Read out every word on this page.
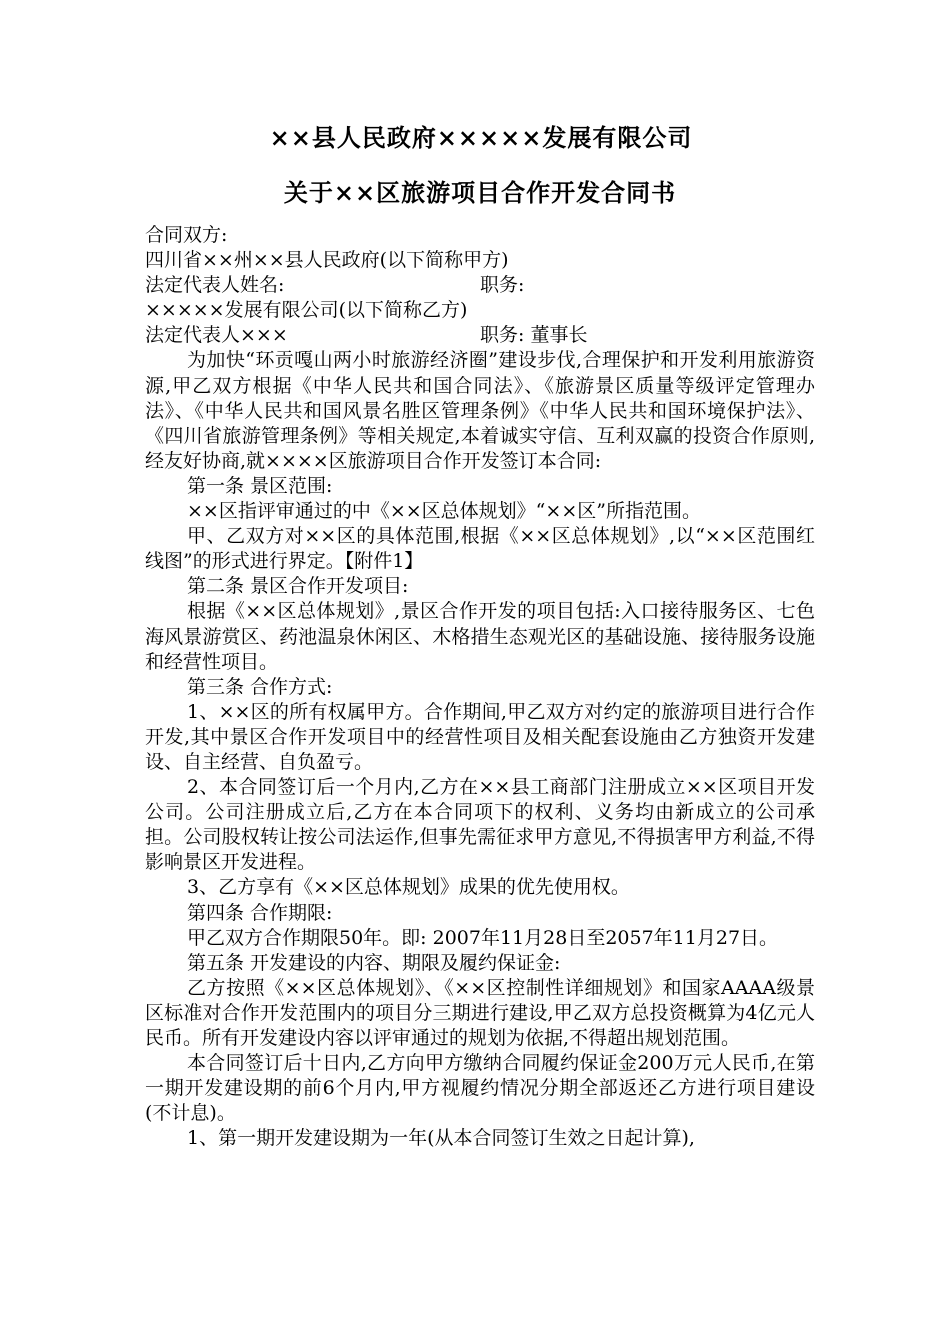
××县人民政府×××××发展有限公司
关于××区旅游项目合作开发合同书

合同双方:

四川省××州××县人民政府(以下简称甲方)

法定代表人姓名:	职务:

×××××发展有限公司(以下简称乙方)

法定代表人×××	职务: 董事长

为加快“环贡嘎山两小时旅游经济圈”建设步伐,合理保护和开发利用旅游资源,甲乙双方根据《中华人民共和国合同法》、《旅游景区质量等级评定管理办法》、《中华人民共和国风景名胜区管理条例》《中华人民共和国环境保护法》、《四川省旅游管理条例》等相关规定,本着诚实守信、互利双赢的投资合作原则,经友好协商,就××××区旅游项目合作开发签订本合同:

第一条 景区范围:

××区指评审通过的中《××区总体规划》“××区”所指范围。

甲、乙双方对××区的具体范围,根据《××区总体规划》,以“××区范围红线图”的形式进行界定。【附件1】

第二条 景区合作开发项目:

根据《××区总体规划》,景区合作开发的项目包括:入口接待服务区、七色海风景游赏区、药池温泉休闲区、木格措生态观光区的基础设施、接待服务设施和经营性项目。

第三条 合作方式:

1、××区的所有权属甲方。合作期间,甲乙双方对约定的旅游项目进行合作开发,其中景区合作开发项目中的经营性项目及相关配套设施由乙方独资开发建设、自主经营、自负盈亏。

2、本合同签订后一个月内,乙方在××县工商部门注册成立××区项目开发公司。公司注册成立后,乙方在本合同项下的权利、义务均由新成立的公司承担。公司股权转让按公司法运作,但事先需征求甲方意见,不得损害甲方利益,不得影响景区开发进程。

3、乙方享有《××区总体规划》成果的优先使用权。

第四条 合作期限:

甲乙双方合作期限50年。即: 2007年11月28日至2057年11月27日。

第五条 开发建设的内容、期限及履约保证金:

乙方按照《××区总体规划》、《××区控制性详细规划》和国家AAAA级景区标准对合作开发范围内的项目分三期进行建设,甲乙双方总投资概算为4亿元人民币。所有开发建设内容以评审通过的规划为依据,不得超出规划范围。

本合同签订后十日内,乙方向甲方缴纳合同履约保证金200万元人民币,在第一期开发建设期的前6个月内,甲方视履约情况分期全部返还乙方进行项目建设(不计息)。

1、第一期开发建设期为一年(从本合同签订生效之日起计算),
